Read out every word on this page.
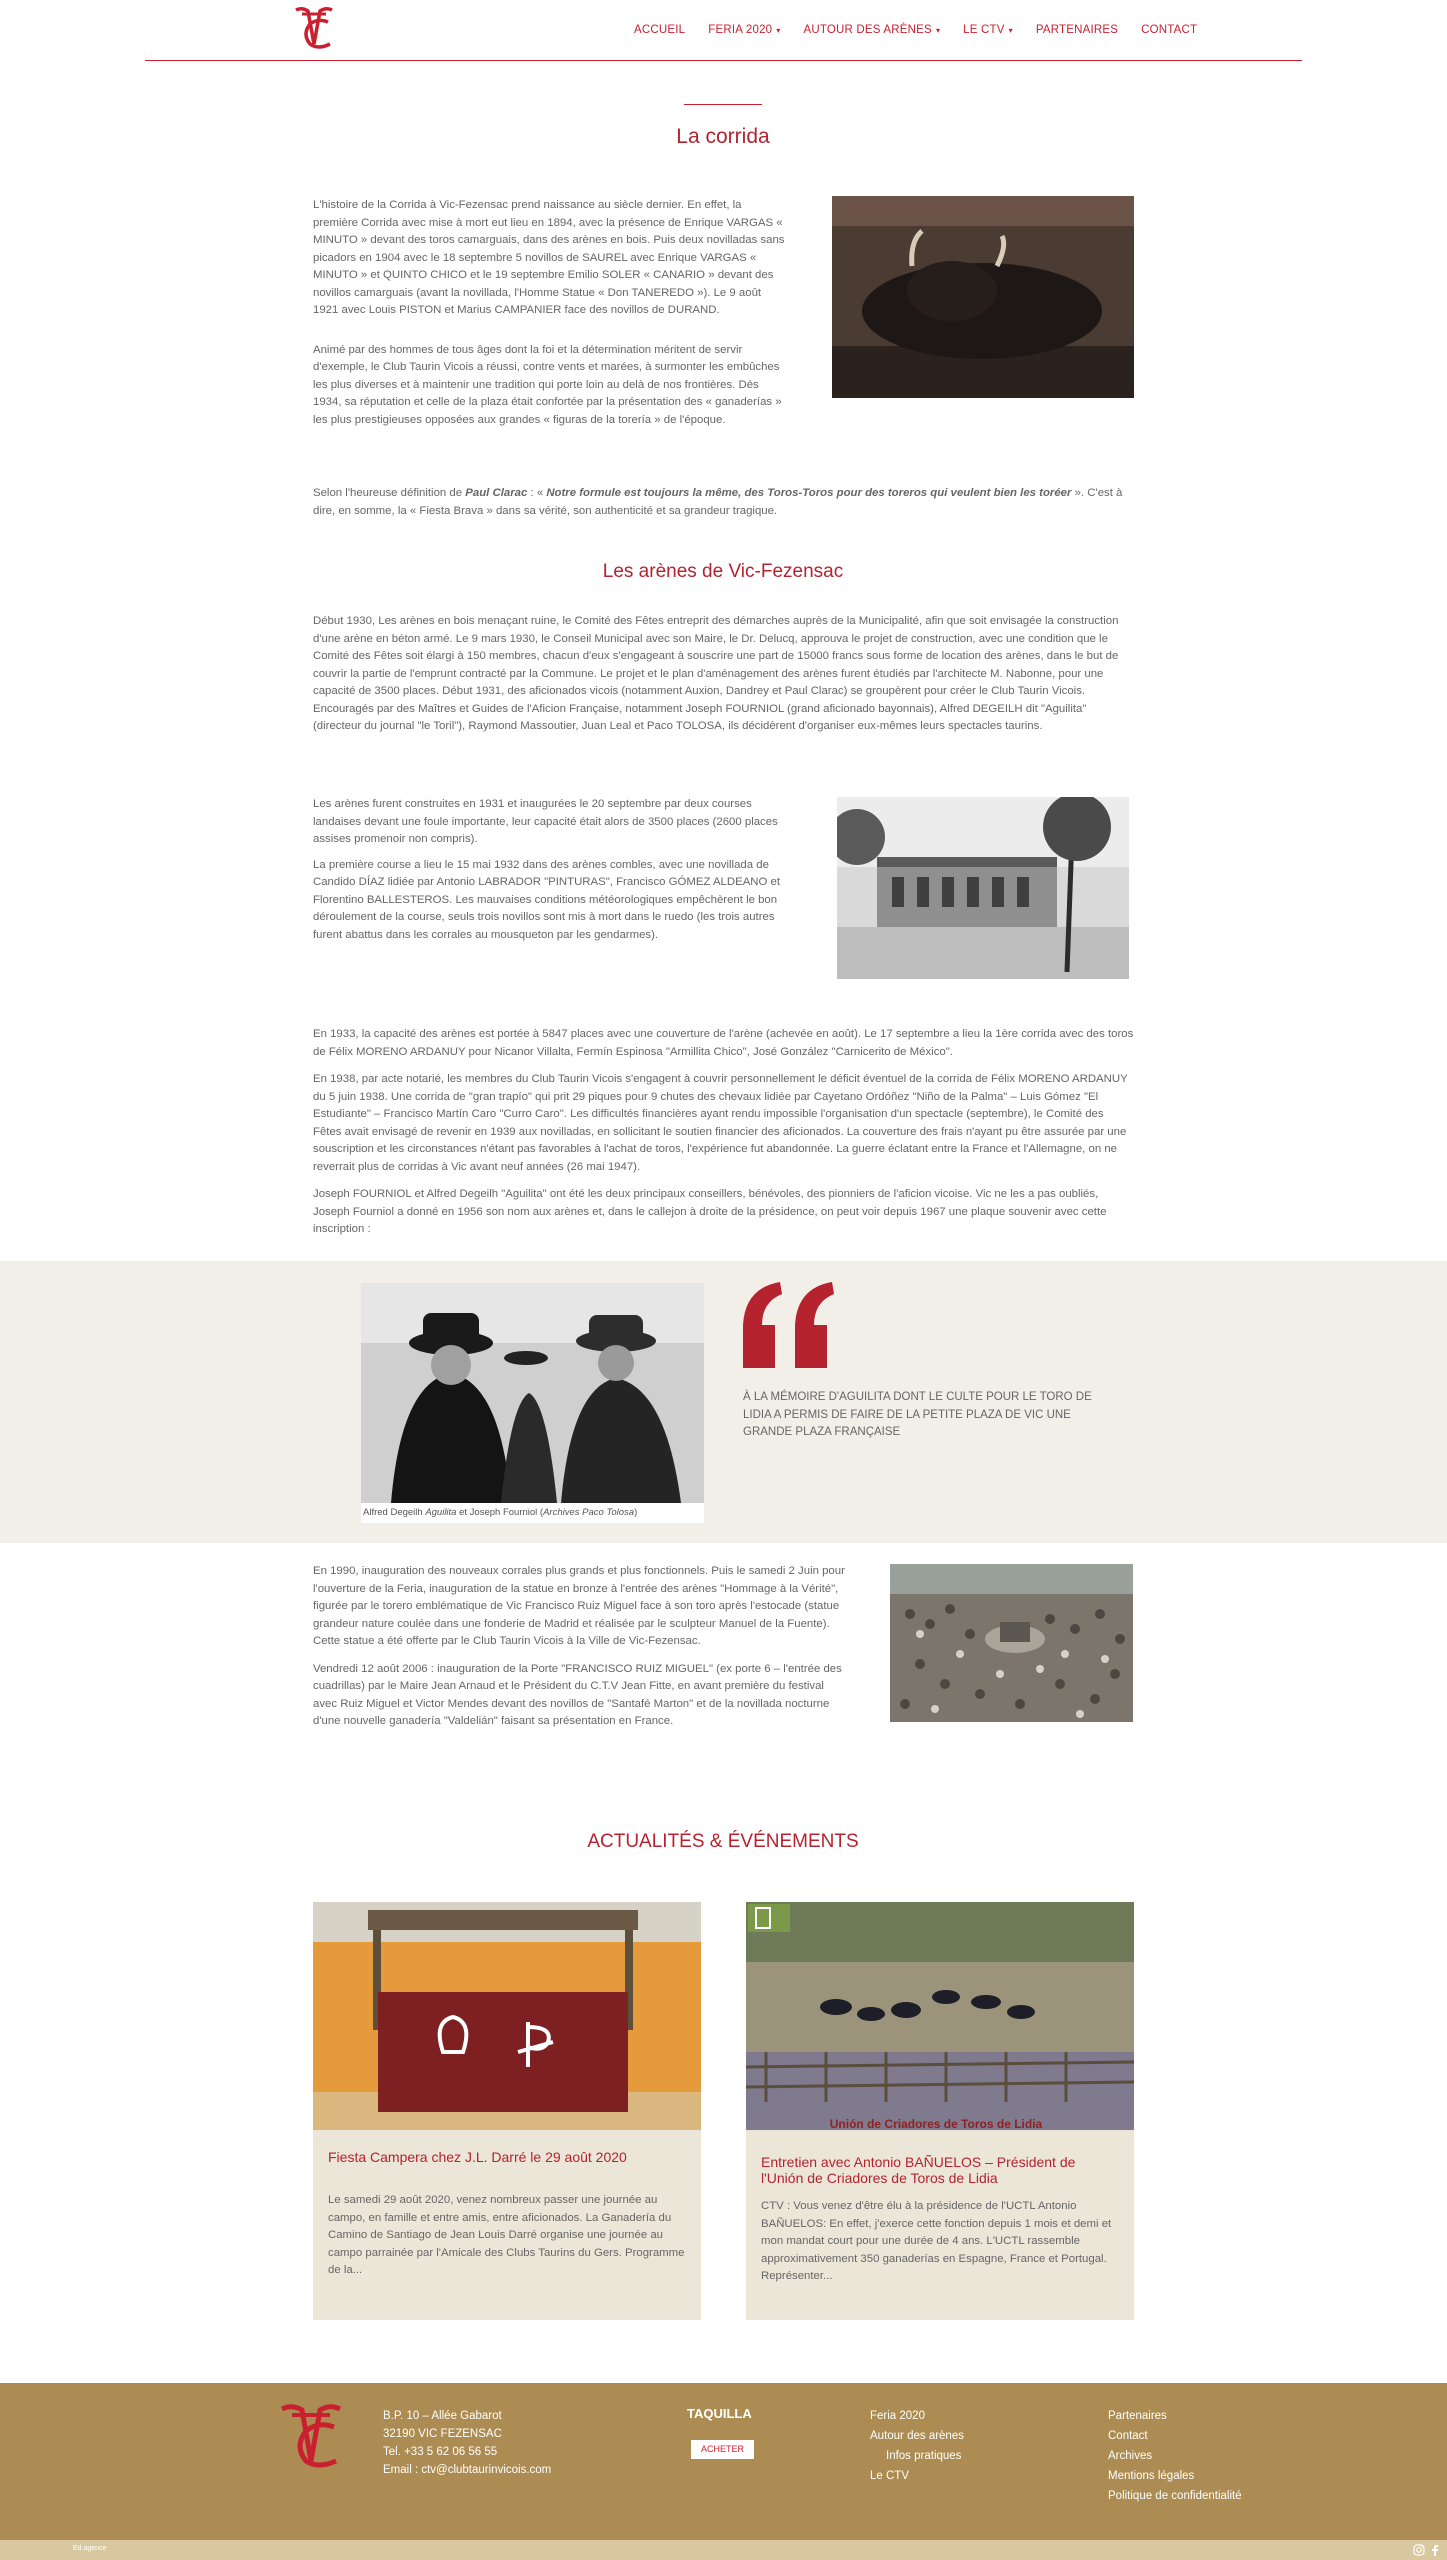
ACCUEIL FERIA 2020 ▾ AUTOUR DES ARÈNES ▾ LE CTV ▾ PARTENAIRES CONTACT
La corrida

L'histoire de la Corrida à Vic-Fezensac prend naissance au siècle dernier. En effet, la première Corrida avec mise à mort eut lieu en 1894, avec la présence de Enrique VARGAS « MINUTO » devant des toros camarguais, dans des arènes en bois. Puis deux novilladas sans picadors en 1904 avec le 18 septembre 5 novillos de SAUREL avec Enrique VARGAS « MINUTO » et QUINTO CHICO et le 19 septembre Emilio SOLER « CANARIO » devant des novillos camarguais (avant la novillada, l'Homme Statue « Don TANEREDO »). Le 9 août 1921 avec Louis PISTON et Marius CAMPANIER face des novillos de DURAND.

Animé par des hommes de tous âges dont la foi et la détermination méritent de servir d'exemple, le Club Taurin Vicois a réussi, contre vents et marées, à surmonter les embûches les plus diverses et à maintenir une tradition qui porte loin au delà de nos frontières. Dès 1934, sa réputation et celle de la plaza était confortée par la présentation des « ganaderías » les plus prestigieuses opposées aux grandes « figuras de la torería » de l'époque.

Selon l'heureuse définition de Paul Clarac : « Notre formule est toujours la même, des Toros-Toros pour des toreros qui veulent bien les toréer ». C'est à dire, en somme, la « Fiesta Brava » dans sa vérité, son authenticité et sa grandeur tragique.
Les arènes de Vic-Fezensac

Début 1930, Les arènes en bois menaçant ruine, le Comité des Fêtes entreprit des démarches auprès de la Municipalité, afin que soit envisagée la construction d'une arène en béton armé. Le 9 mars 1930, le Conseil Municipal avec son Maire, le Dr. Delucq, approuva le projet de construction, avec une condition que le Comité des Fêtes soit élargi à 150 membres, chacun d'eux s'engageant à souscrire une part de 15000 francs sous forme de location des arènes, dans le but de couvrir la partie de l'emprunt contracté par la Commune. Le projet et le plan d'aménagement des arènes furent étudiés par l'architecte M. Nabonne, pour une capacité de 3500 places. Début 1931, des aficionados vicois (notamment Auxion, Dandrey et Paul Clarac) se groupèrent pour créer le Club Taurin Vicois. Encouragés par des Maîtres et Guides de l'Aficion Française, notamment Joseph FOURNIOL (grand aficionado bayonnais), Alfred DEGEILH dit "Aguilita" (directeur du journal "le Toril"), Raymond Massoutier, Juan Leal et Paco TOLOSA, ils décidèrent d'organiser eux-mêmes leurs spectacles taurins.

Les arènes furent construites en 1931 et inaugurées le 20 septembre par deux courses landaises devant une foule importante, leur capacité était alors de 3500 places (2600 places assises promenoir non compris).

La première course a lieu le 15 mai 1932 dans des arènes combles, avec une novillada de Candido DÍAZ lidiée par Antonio LABRADOR "PINTURAS", Francisco GÓMEZ ALDEANO et Florentino BALLESTEROS. Les mauvaises conditions météorologiques empêchèrent le bon déroulement de la course, seuls trois novillos sont mis à mort dans le ruedo (les trois autres furent abattus dans les corrales au mousqueton par les gendarmes).

En 1933, la capacité des arènes est portée à 5847 places avec une couverture de l'arène (achevée en août). Le 17 septembre a lieu la 1ère corrida avec des toros de Félix MORENO ARDANUY pour Nicanor Villalta, Fermín Espinosa "Armillita Chico", José González "Carnicerito de México".

En 1938, par acte notarié, les membres du Club Taurin Vicois s'engagent à couvrir personnellement le déficit éventuel de la corrida de Félix MORENO ARDANUY du 5 juin 1938. Une corrida de "gran trapío" qui prit 29 piques pour 9 chutes des chevaux lidiée par Cayetano Ordóñez "Niño de la Palma" – Luis Gómez "El Estudiante" – Francisco Martín Caro "Curro Caro". Les difficultés financières ayant rendu impossible l'organisation d'un spectacle (septembre), le Comité des Fêtes avait envisagé de revenir en 1939 aux novilladas, en sollicitant le soutien financier des aficionados. La couverture des frais n'ayant pu être assurée par une souscription et les circonstances n'étant pas favorables à l'achat de toros, l'expérience fut abandonnée. La guerre éclatant entre la France et l'Allemagne, on ne reverrait plus de corridas à Vic avant neuf années (26 mai 1947).

Joseph FOURNIOL et Alfred Degeilh "Aguilita" ont été les deux principaux conseillers, bénévoles, des pionniers de l'aficion vicoise. Vic ne les a pas oubliés, Joseph Fourniol a donné en 1956 son nom aux arènes et, dans le callejon à droite de la présidence, on peut voir depuis 1967 une plaque souvenir avec cette inscription :

Alfred Degeilh Aguilita et Joseph Fourniol (Archives Paco Tolosa)
À LA MÉMOIRE D'AGUILITA DONT LE CULTE POUR LE TORO DE LIDIA A PERMIS DE FAIRE DE LA PETITE PLAZA DE VIC UNE GRANDE PLAZA FRANÇAISE

En 1990, inauguration des nouveaux corrales plus grands et plus fonctionnels. Puis le samedi 2 Juin pour l'ouverture de la Feria, inauguration de la statue en bronze à l'entrée des arènes "Hommage à la Vérité", figurée par le torero emblématique de Vic Francisco Ruiz Miguel face à son toro après l'estocade (statue grandeur nature coulée dans une fonderie de Madrid et réalisée par le sculpteur Manuel de la Fuente). Cette statue a été offerte par le Club Taurin Vicois à la Ville de Vic-Fezensac.

Vendredi 12 août 2006 : inauguration de la Porte "FRANCISCO RUIZ MIGUEL" (ex porte 6 – l'entrée des cuadrillas) par le Maire Jean Arnaud et le Président du C.T.V Jean Fitte, en avant première du festival avec Ruiz Miguel et Victor Mendes devant des novillos de "Santafé Marton" et de la novillada nocturne d'une nouvelle ganadería "Valdelián" faisant sa présentation en France.

ACTUALITÉS & ÉVÉNEMENTS
Fiesta Campera chez J.L. Darré le 29 août 2020
Le samedi 29 août 2020, venez nombreux passer une journée au campo, en famille et entre amis, entre aficionados. La Ganadería du Camino de Santiago de Jean Louis Darré organise une journée au campo parrainée par l'Amicale des Clubs Taurins du Gers. Programme de la...
Unión de Criadores de Toros de Lidia
Entretien avec Antonio BAÑUELOS – Président de l'Unión de Criadores de Toros de Lidia
CTV : Vous venez d'être élu à la présidence de l'UCTL Antonio BAÑUELOS: En effet, j'exerce cette fonction depuis 1 mois et demi et mon mandat court pour une durée de 4 ans. L'UCTL rassemble approximativement 350 ganaderías en Espagne, France et Portugal. Représenter...
B.P. 10 – Allée Gabarot
32190 VIC FEZENSAC
Tel. +33 5 62 06 56 55
Email : ctv@clubtaurinvicois.com
TAQUILLA	Feria 2020
Autour des arènes
Infos pratiques
Le CTV
Partenaires
Contact
Archives
Mentions légales
Politique de confidentialité
ACHETER
Ed.agence
